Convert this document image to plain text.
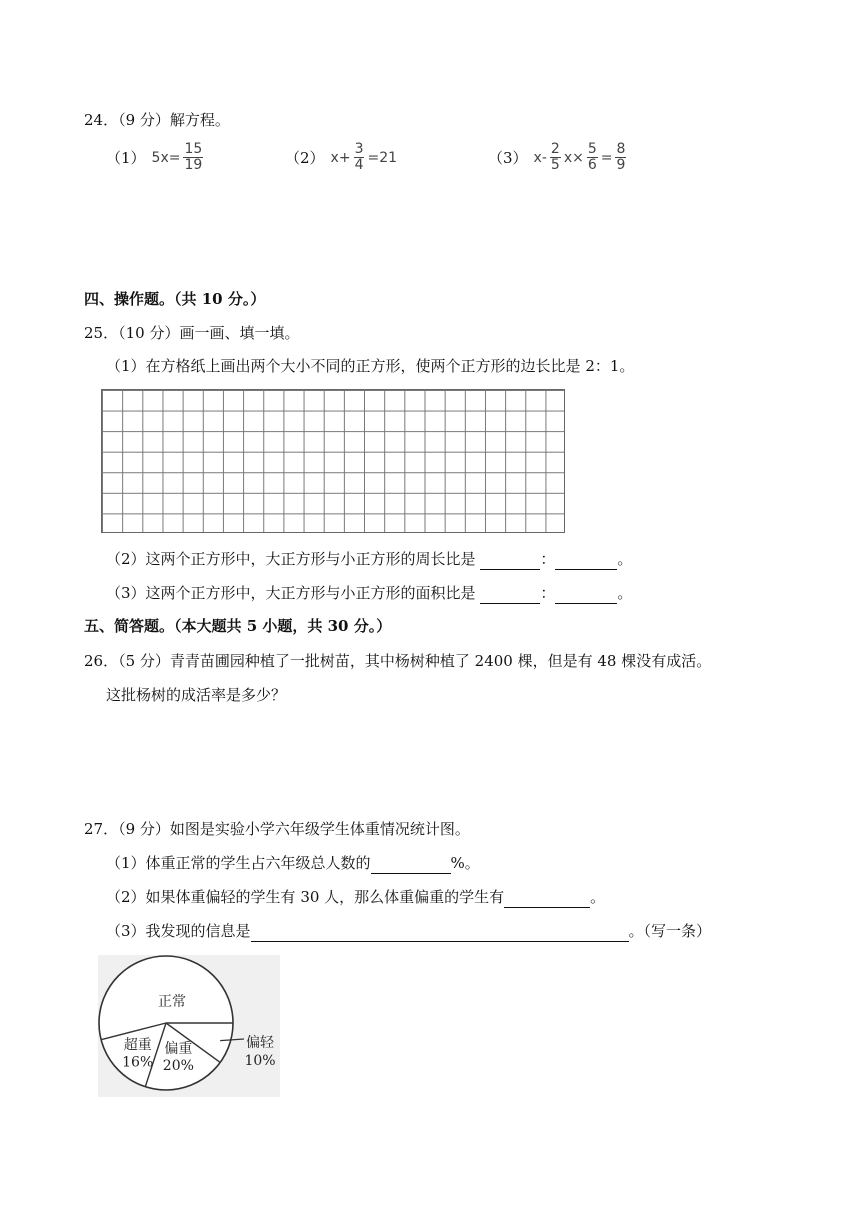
24．（9 分）解方程。
（1） $5x= \frac{15}{19}$	（2） $x+ \frac{3}{4} =21$	（3） $x- \frac{2}{5} x\times \frac{5}{6} = \frac{8}{9}$
四、操作题。（共 10 分。）
25．（10 分）画一画、填一填。
（1）在方格纸上画出两个大小不同的正方形，使两个正方形的边长比是 2：1。
（2）这两个正方形中，大正方形与小正方形的周长比是	：	。
（3）这两个正方形中，大正方形与小正方形的面积比是	：	。
五、简答题。（本大题共 5 小题，共 30 分。）
26．（5 分）青青苗圃园种植了一批树苗，其中杨树种植了 2400 棵，但是有 48 棵没有成活。
这批杨树的成活率是多少？
27．（9 分）如图是实验小学六年级学生体重情况统计图。
（1）体重正常的学生占六年级总人数的	%。
（2）如果体重偏轻的学生有 30 人，那么体重偏重的学生有	。
（3）我发现的信息是	。（写一条）
正常
偏重
20%
超重
16%
偏轻
10%
